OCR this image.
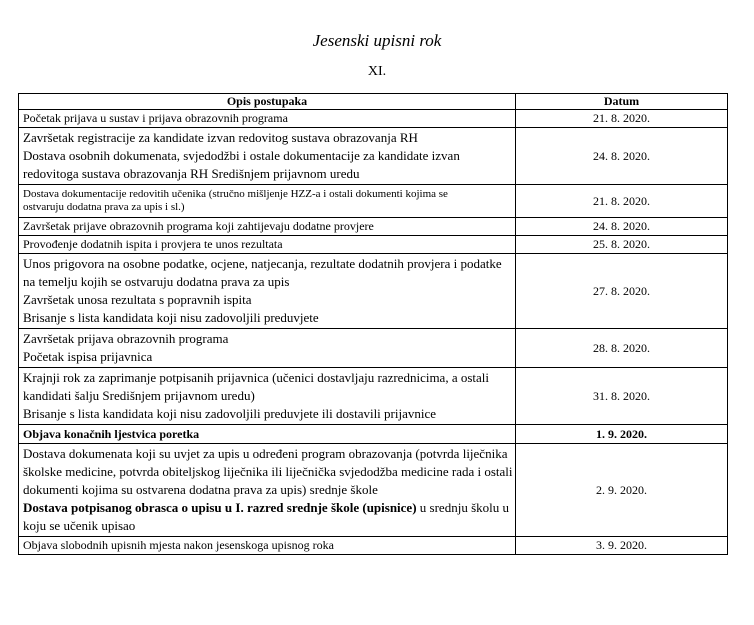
Jesenski upisni rok
XI.
Opis postupaka	Datum

Početak prijava u sustav i prijava obrazovnih programa	21. 8. 2020.

Završetak registracije za kandidate izvan redovitog sustava obrazovanja RH
Dostava osobnih dokumenata, svjedodžbi i ostale dokumentacije za kandidate izvan
redovitoga sustava obrazovanja RH Središnjem prijavnom uredu	24. 8. 2020.

Dostava dokumentacije redovitih učenika (stručno mišljenje HZZ-a i ostali dokumenti kojima se
ostvaruju dodatna prava za upis i sl.)	21. 8. 2020.

Završetak prijave obrazovnih programa koji zahtijevaju dodatne provjere	24. 8. 2020.

Provođenje dodatnih ispita i provjera te unos rezultata	25. 8. 2020.

Unos prigovora na osobne podatke, ocjene, natjecanja, rezultate dodatnih provjera i podatke
na temelju kojih se ostvaruju dodatna prava za upis
Završetak unosa rezultata s popravnih ispita
Brisanje s lista kandidata koji nisu zadovoljili preduvjete	27. 8. 2020.

Završetak prijava obrazovnih programa
Početak ispisa prijavnica	28. 8. 2020.

Krajnji rok za zaprimanje potpisanih prijavnica (učenici dostavljaju razrednicima, a ostali
kandidati šalju Središnjem prijavnom uredu)
Brisanje s lista kandidata koji nisu zadovoljili preduvjete ili dostavili prijavnice	31. 8. 2020.

Objava konačnih ljestvica poretka	1. 9. 2020.

Dostava dokumenata koji su uvjet za upis u određeni program obrazovanja (potvrda liječnika
školske medicine, potvrda obiteljskog liječnika ili liječnička svjedodžba medicine rada i ostali
dokumenti kojima su ostvarena dodatna prava za upis) srednje škole
Dostava potpisanog obrasca o upisu u I. razred srednje škole (upisnice) u srednju školu u
koju se učenik upisao	2. 9. 2020.

Objava slobodnih upisnih mjesta nakon jesenskoga upisnog roka	3. 9. 2020.
